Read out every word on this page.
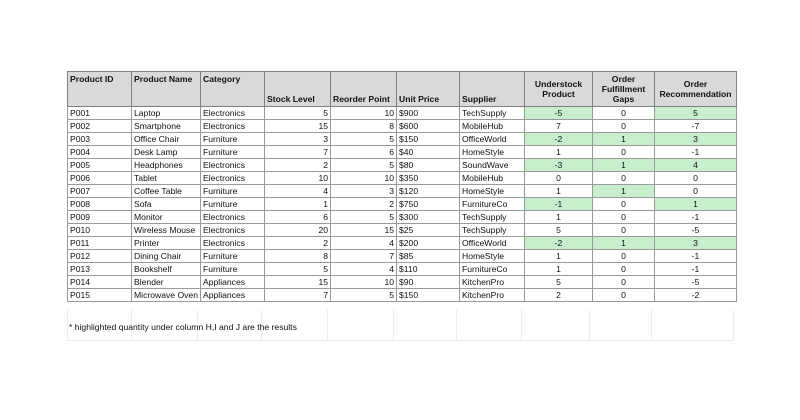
Product ID	Product Name	Category	Stock Level	Reorder Point	Unit Price	Supplier	Understock Product	Order Fulfillment Gaps	Order Recommendation
P001	Laptop	Electronics	5	10	$900	TechSupply	-5	0	5
P002	Smartphone	Electronics	15	8	$600	MobileHub	7	0	-7
P003	Office Chair	Furniture	3	5	$150	OfficeWorld	-2	1	3
P004	Desk Lamp	Furniture	7	6	$40	HomeStyle	1	0	-1
P005	Headphones	Electronics	2	5	$80	SoundWave	-3	1	4
P006	Tablet	Electronics	10	10	$350	MobileHub	0	0	0
P007	Coffee Table	Furniture	4	3	$120	HomeStyle	1	1	0
P008	Sofa	Furniture	1	2	$750	FurnitureCo	-1	0	1
P009	Monitor	Electronics	6	5	$300	TechSupply	1	0	-1
P010	Wireless Mouse	Electronics	20	15	$25	TechSupply	5	0	-5
P011	Printer	Electronics	2	4	$200	OfficeWorld	-2	1	3
P012	Dining Chair	Furniture	8	7	$85	HomeStyle	1	0	-1
P013	Bookshelf	Furniture	5	4	$110	FurnitureCo	1	0	-1
P014	Blender	Appliances	15	10	$90	KitchenPro	5	0	-5
P015	Microwave Oven	Appliances	7	5	$150	KitchenPro	2	0	-2
* highlighted quantity under column H,I and J are the results
